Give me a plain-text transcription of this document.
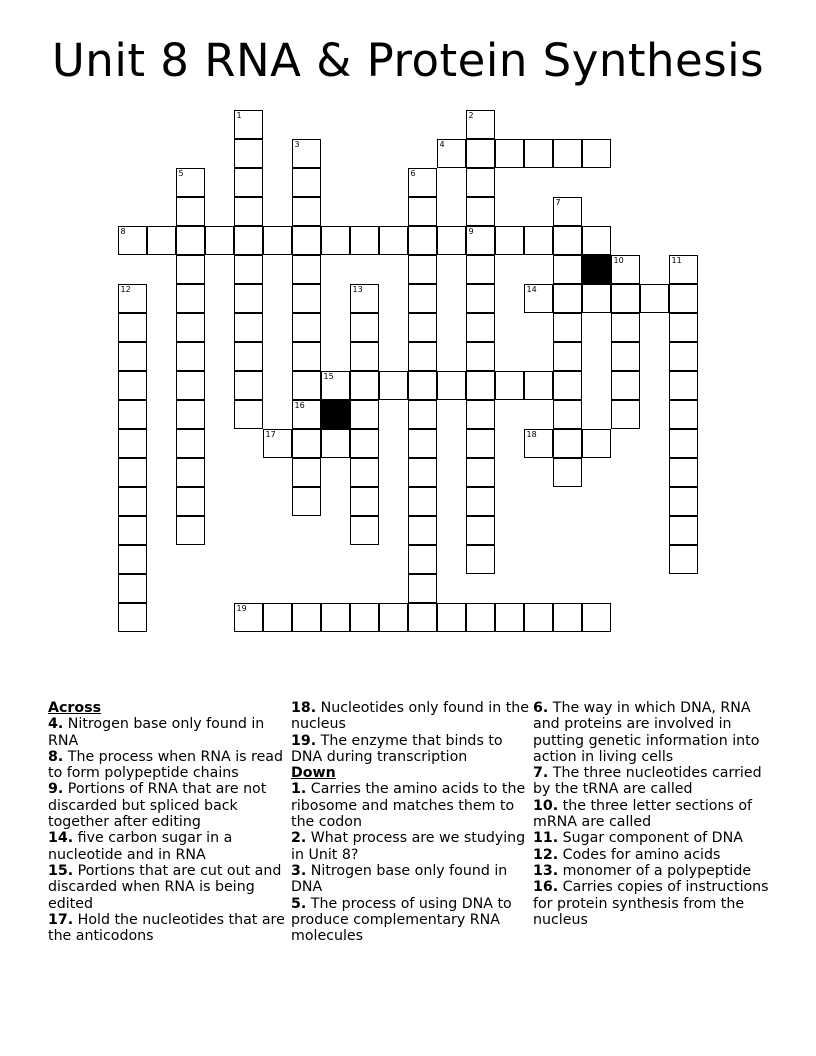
Unit 8 RNA & Protein Synthesis
1	2
9
3
16
4
5	6
7
8
10	11
12	13	14
15
17	18
19
Across
4. Nitrogen base only found in RNA
8. The process when RNA is read to form polypeptide chains
9. Portions of RNA that are not discarded but spliced back together after editing
14. five carbon sugar in a nucleotide and in RNA
15. Portions that are cut out and discarded when RNA is being edited
17. Hold the nucleotides that are the anticodons
18. Nucleotides only found in the nucleus
19. The enzyme that binds to DNA during transcription
Down
1. Carries the amino acids to the ribosome and matches them to the codon
2. What process are we studying in Unit 8?
3. Nitrogen base only found in DNA
5. The process of using DNA to produce complementary RNA molecules
6. The way in which DNA, RNA and proteins are involved in putting genetic information into action in living cells
7. The three nucleotides carried by the tRNA are called
10. the three letter sections of mRNA are called
11. Sugar component of DNA
12. Codes for amino acids
13. monomer of a polypeptide
16. Carries copies of instructions for protein synthesis from the nucleus
